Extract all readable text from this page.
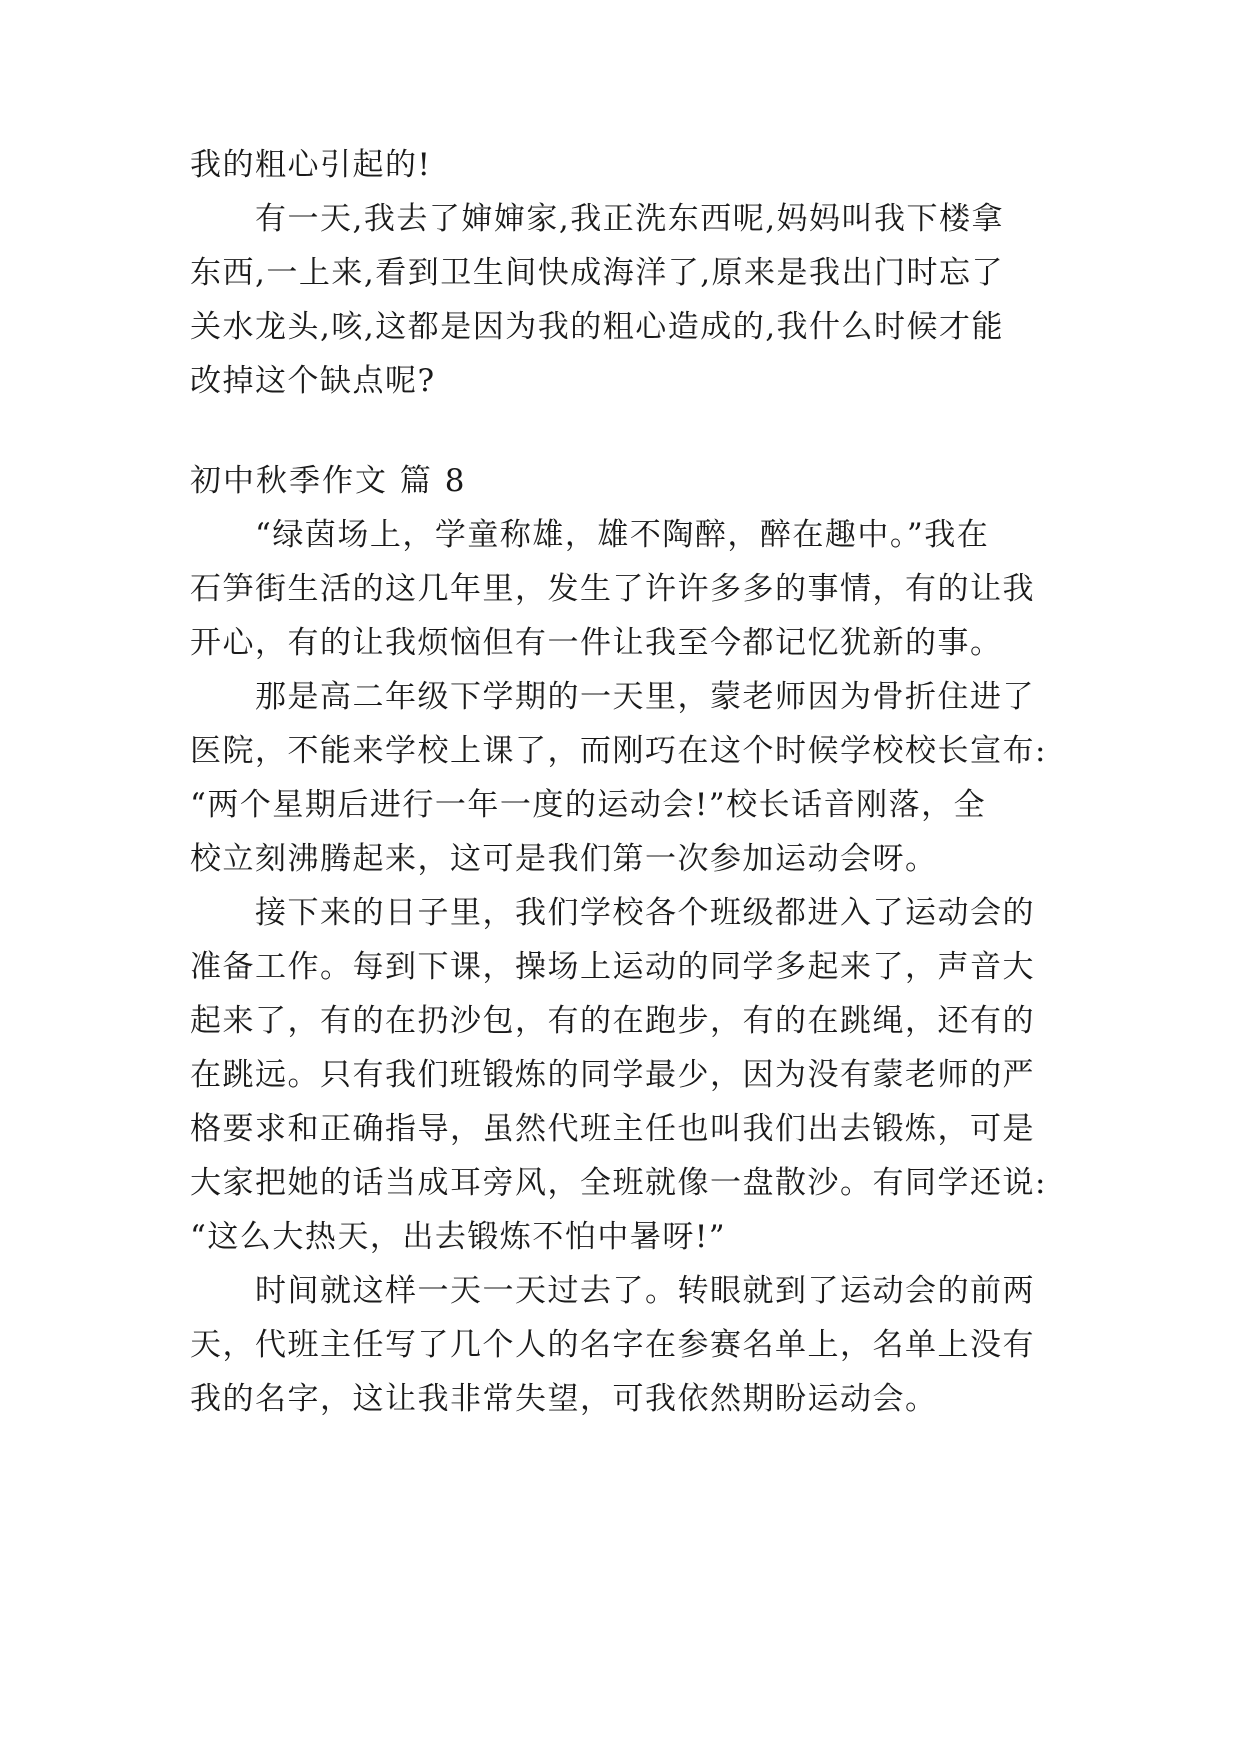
我的粗心引起的!
有一天,我去了婶婶家,我正洗东西呢,妈妈叫我下楼拿
东西,一上来,看到卫生间快成海洋了,原来是我出门时忘了
关水龙头,咳,这都是因为我的粗心造成的,我什么时候才能
改掉这个缺点呢?
初中秋季作文 篇 8
“绿茵场上，学童称雄，雄不陶醉，醉在趣中。”我在
石笋街生活的这几年里，发生了许许多多的事情，有的让我
开心，有的让我烦恼但有一件让我至今都记忆犹新的事。
那是高二年级下学期的一天里，蒙老师因为骨折住进了
医院，不能来学校上课了，而刚巧在这个时候学校校长宣布:
“两个星期后进行一年一度的运动会!”校长话音刚落，全
校立刻沸腾起来，这可是我们第一次参加运动会呀。
接下来的日子里，我们学校各个班级都进入了运动会的
准备工作。每到下课，操场上运动的同学多起来了，声音大
起来了，有的在扔沙包，有的在跑步，有的在跳绳，还有的
在跳远。只有我们班锻炼的同学最少，因为没有蒙老师的严
格要求和正确指导，虽然代班主任也叫我们出去锻炼，可是
大家把她的话当成耳旁风，全班就像一盘散沙。有同学还说:
“这么大热天，出去锻炼不怕中暑呀!”
时间就这样一天一天过去了。转眼就到了运动会的前两
天，代班主任写了几个人的名字在参赛名单上，名单上没有
我的名字，这让我非常失望，可我依然期盼运动会。
